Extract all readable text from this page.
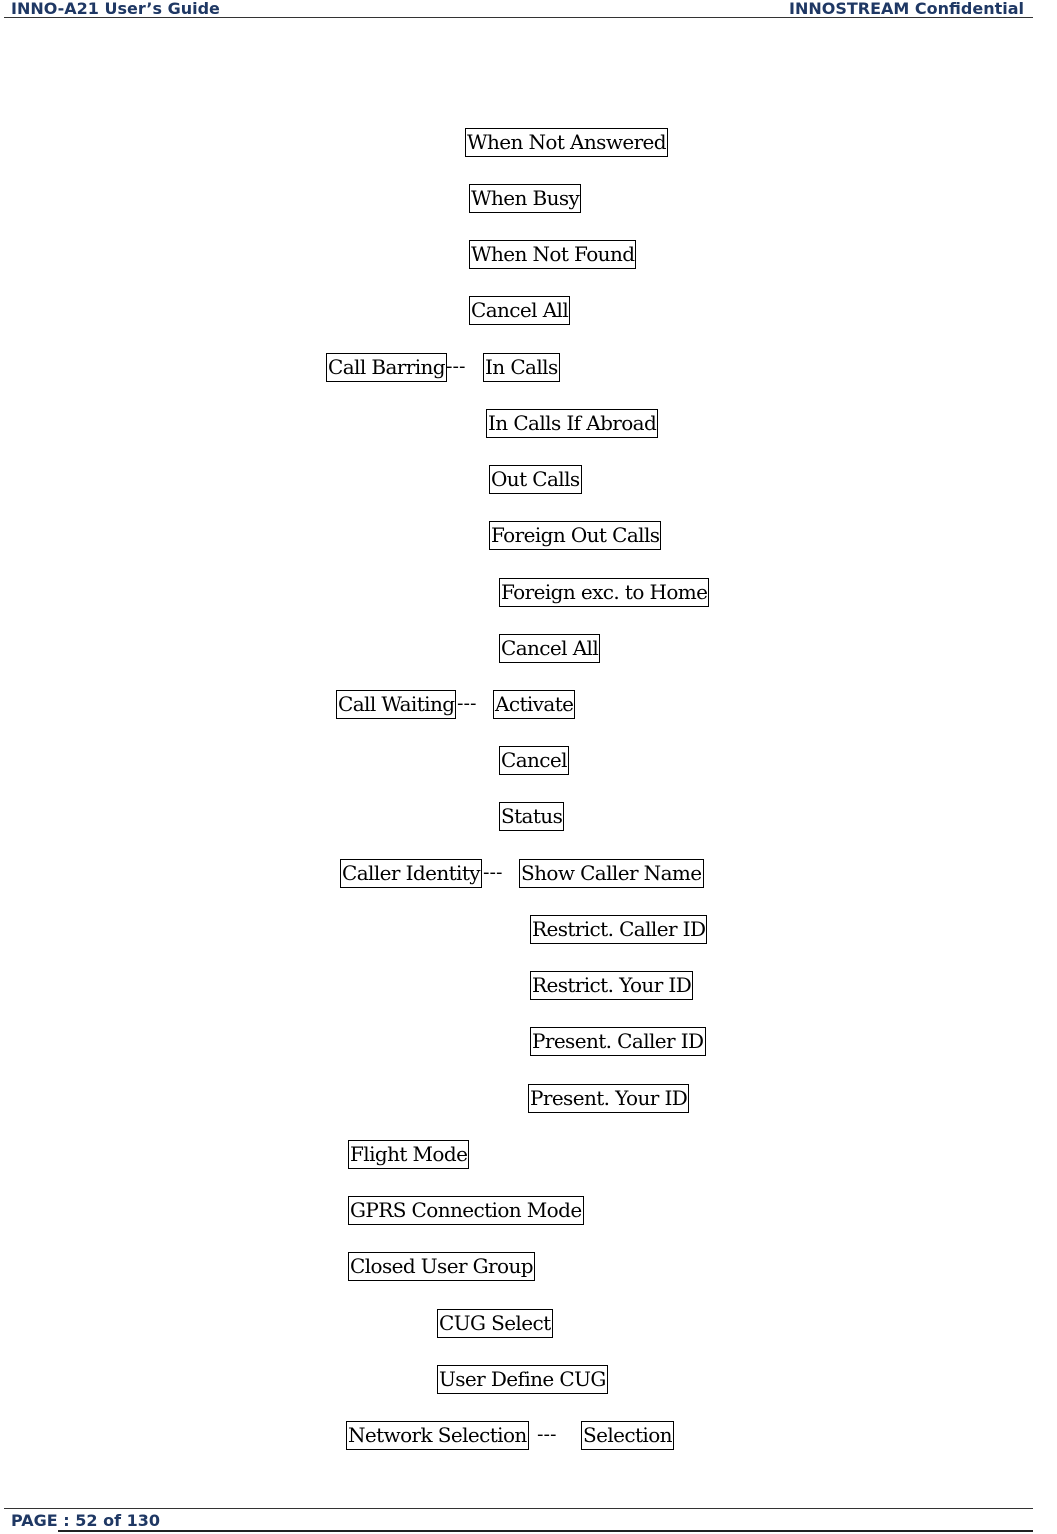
INNO-A21 User’s Guide	INNOSTREAM Confidential
When Not Answered
When Busy
When Not Found
Cancel All
Call Barring --- In Calls
In Calls If Abroad
Out Calls
Foreign Out Calls
Foreign exc. to Home
Cancel All
Call Waiting --- Activate
Cancel
Status
Caller Identity --- Show Caller Name
Restrict. Caller ID
Restrict. Your ID
Present. Caller ID
Present. Your ID
Flight Mode
GPRS Connection Mode
Closed User Group
CUG Select
User Define CUG
Network Selection --- Selection
PAGE : 52 of 130
